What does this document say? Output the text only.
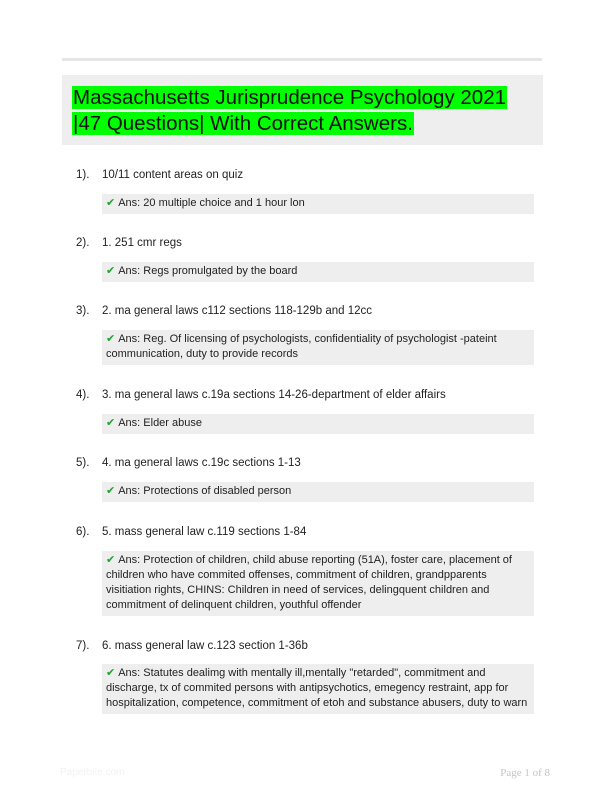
Massachusetts Jurisprudence Psychology 2021 |47 Questions| With Correct Answers.
1).	10/11 content areas on quiz
✔ Ans: 20 multiple choice and 1 hour lon
2).	1. 251 cmr regs
✔ Ans: Regs promulgated by the board
3).	2. ma general laws c112 sections 118-129b and 12cc
✔ Ans: Reg. Of licensing of psychologists, confidentiality of psychologist -pateint communication, duty to provide records
4).	3. ma general laws c.19a sections 14-26-department of elder affairs
✔ Ans: Elder abuse
5).	4. ma general laws c.19c sections 1-13
✔ Ans: Protections of disabled person
6).	5. mass general law c.119 sections 1-84
✔ Ans: Protection of children, child abuse reporting (51A), foster care, placement of children who have commited offenses, commitment of children, grandpparents visitiation rights, CHINS: Children in need of services, delingquent children and commitment of delinquent children, youthful offender
7).	6. mass general law c.123 section 1-36b
✔ Ans: Statutes dealimg with mentally ill,mentally "retarded", commitment and discharge, tx of commited persons with antipsychotics, emegency restraint, app for hospitalization, competence, commitment of etoh and substance abusers, duty to warn
Paperbite.com	Page 1 of 8
